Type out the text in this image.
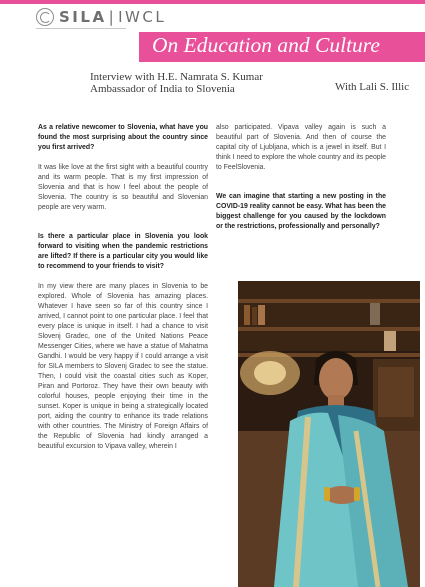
SILA | IWCL
On Education and Culture
Interview with H.E. Namrata S. Kumar
Ambassador of India to Slovenia	With Lali S. Illic

As a relative newcomer to Slovenia, what have you found the most surprising about the country since you first arrived?

It was like love at the first sight with a beautiful country and its warm people. That is my first impression of Slovenia and that is how I feel about the people of Slovenia. The country is so beautiful and Slovenian people are very warm.

Is there a particular place in Slovenia you look forward to visiting when the pandemic restrictions are lifted? If there is a particular city you would like to recommend to your friends to visit?

In my view there are many places in Slovenia to be explored. Whole of Slovenia has amazing places. Whatever I have seen so far of this country since I arrived, I cannot point to one particular place. I feel that every place is unique in itself. I had a chance to visit Slovenj Gradec, one of the United Nations Peace Messenger Cities, where we have a statue of Mahatma Gandhi. I would be very happy if I could arrange a visit for SILA members to Slovenj Gradec to see the statue. Then, I could visit the coastal cities such as Koper, Piran and Portoroz. They have their own beauty with colorful houses, people enjoying their time in the sunset. Koper is unique in being a strategically located port, aiding the country to enhance its trade relations with other countries. The Ministry of Foreign Affairs of the Republic of Slovenia had kindly arranged a beautiful excursion to Vipava valley, wherein I

also participated. Vipava valley again is such a beautiful part of Slovenia. And then of course the capital city of Ljubljana, which is a jewel in itself. But I think I need to explore the whole country and its people to FeelSlovenia.

We can imagine that starting a new posting in the COVID-19 reality cannot be easy. What has been the biggest challenge for you caused by the lockdown or the restrictions, professionally and personally?
